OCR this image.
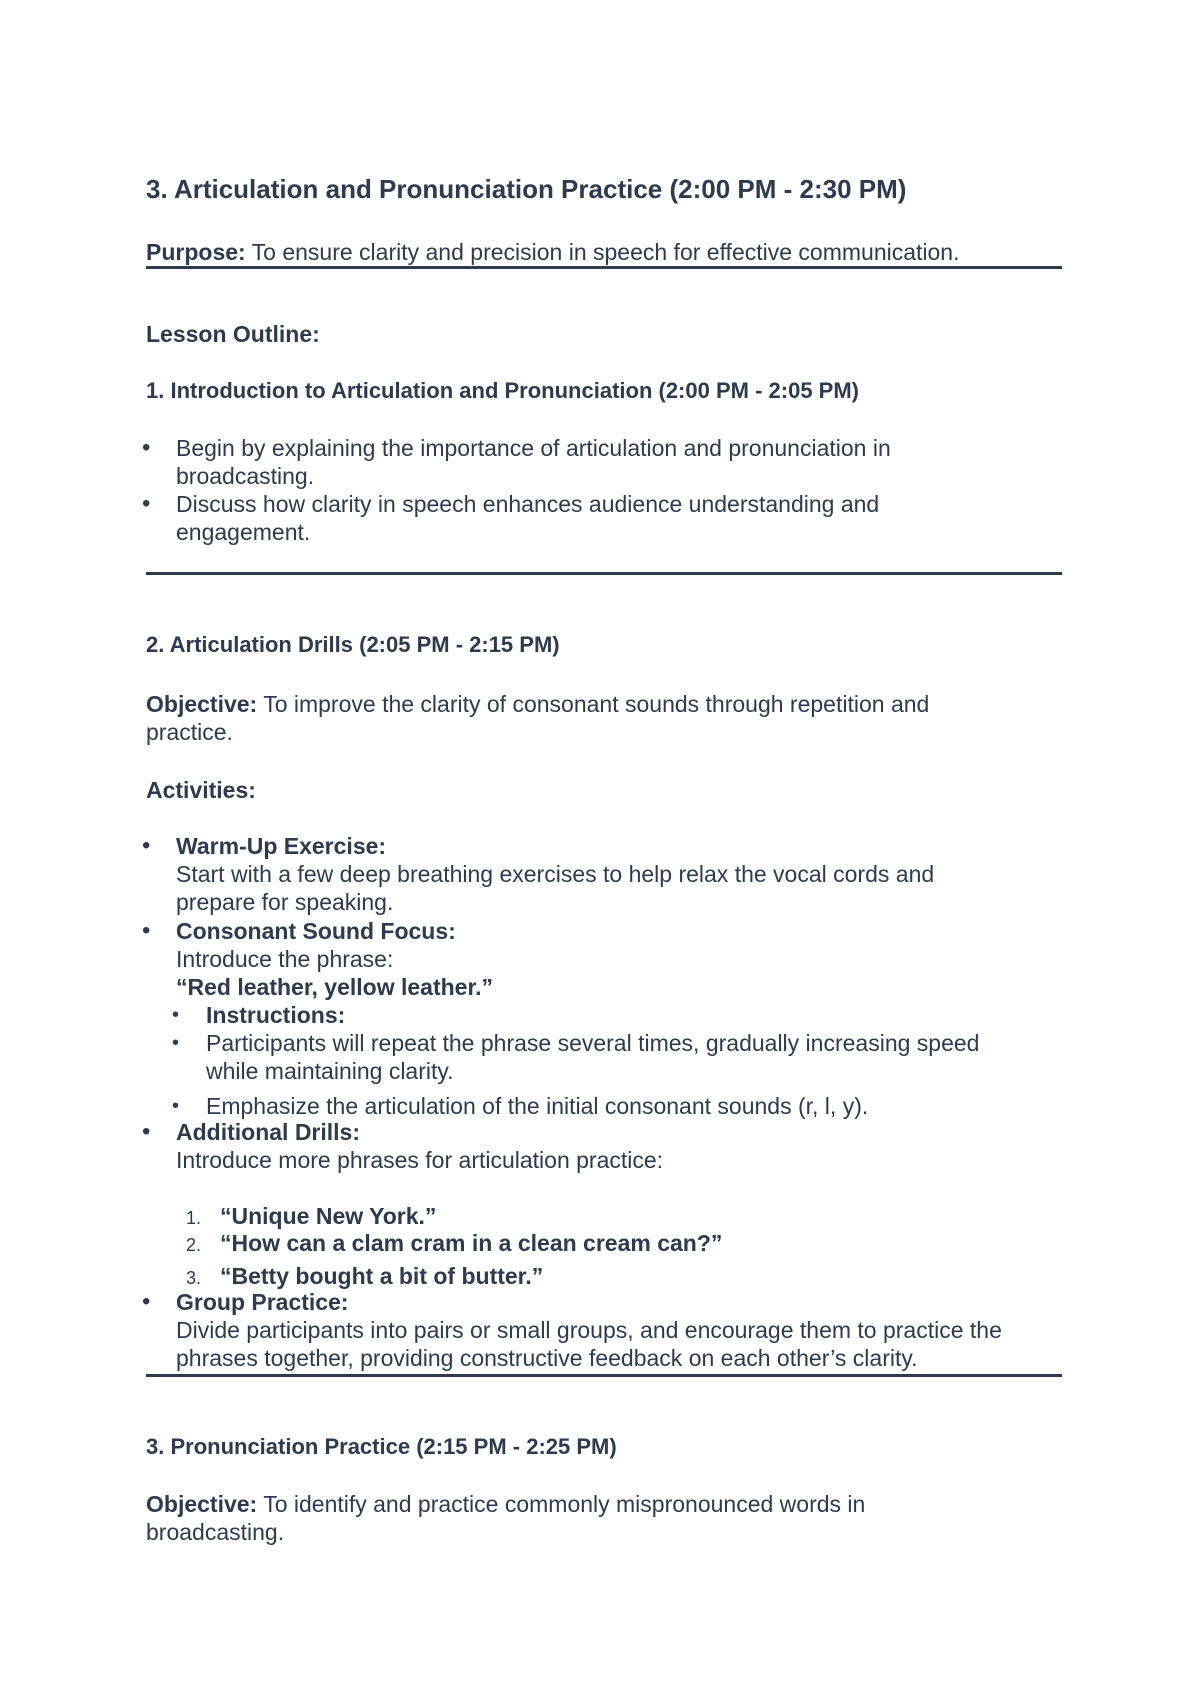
3. Articulation and Pronunciation Practice (2:00 PM - 2:30 PM)

Purpose: To ensure clarity and precision in speech for effective communication.

Lesson Outline:

1. Introduction to Articulation and Pronunciation (2:00 PM - 2:05 PM)

• Begin by explaining the importance of articulation and pronunciation in broadcasting.
• Discuss how clarity in speech enhances audience understanding and engagement.

2. Articulation Drills (2:05 PM - 2:15 PM)

Objective: To improve the clarity of consonant sounds through repetition and practice.

Activities:

• Warm-Up Exercise:
Start with a few deep breathing exercises to help relax the vocal cords and prepare for speaking.
• Consonant Sound Focus:
Introduce the phrase:
“Red leather, yellow leather.”
• Instructions:
• Participants will repeat the phrase several times, gradually increasing speed while maintaining clarity.
• Emphasize the articulation of the initial consonant sounds (r, l, y).
• Additional Drills:
Introduce more phrases for articulation practice:
1. “Unique New York.”
2. “How can a clam cram in a clean cream can?”
3. “Betty bought a bit of butter.”
• Group Practice:
Divide participants into pairs or small groups, and encourage them to practice the phrases together, providing constructive feedback on each other’s clarity.

3. Pronunciation Practice (2:15 PM - 2:25 PM)

Objective: To identify and practice commonly mispronounced words in broadcasting.
